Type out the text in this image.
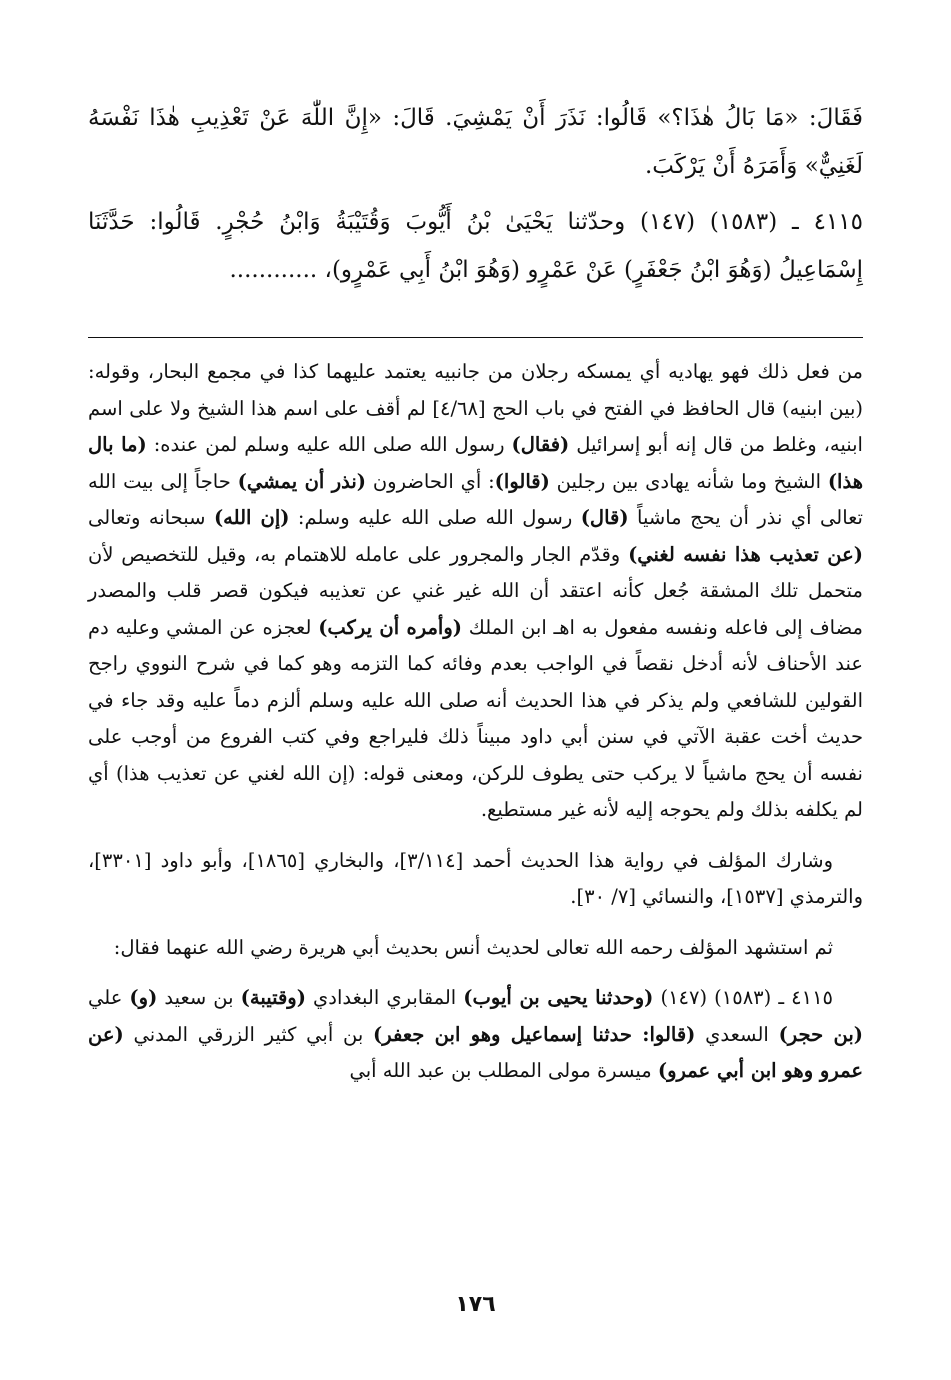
فَقَالَ: «مَا بَالُ هٰذَا؟» قَالُوا: نَذَرَ أَنْ يَمْشِيَ. قَالَ: «إِنَّ اللّٰهَ عَنْ تَعْذِيبِ هٰذَا نَفْسَهُ لَغَنِيٌّ» وَأَمَرَهُ أَنْ يَرْكَبَ.

٤١١٥ ـ (١٥٨٣) (١٤٧) وحدّثنا يَحْيَىٰ بْنُ أَيُّوبَ وَقُتَيْبَةُ وَابْنُ حُجْرٍ. قَالُوا: حَدَّثَنَا إِسْمَاعِيلُ (وَهُوَ ابْنُ جَعْفَرٍ) عَنْ عَمْرٍو (وَهُوَ ابْنُ أَبِي عَمْرٍو)، ............

من فعل ذلك فهو يهاديه أي يمسكه رجلان من جانبيه يعتمد عليهما كذا في مجمع البحار، وقوله: (بين ابنيه) قال الحافظ في الفتح في باب الحج [٤/٦٨] لم أقف على اسم هذا الشيخ ولا على اسم ابنيه، وغلط من قال إنه أبو إسرائيل (فقال) رسول الله صلى الله عليه وسلم لمن عنده: (ما بال هذا) الشيخ وما شأنه يهادى بين رجلين (قالوا): أي الحاضرون (نذر أن يمشي) حاجاً إلى بيت الله تعالى أي نذر أن يحج ماشياً (قال) رسول الله صلى الله عليه وسلم: (إن الله) سبحانه وتعالى (عن تعذيب هذا نفسه لغني) وقدّم الجار والمجرور على عامله للاهتمام به، وقيل للتخصيص لأن متحمل تلك المشقة جُعل كأنه اعتقد أن الله غير غني عن تعذيبه فيكون قصر قلب والمصدر مضاف إلى فاعله ونفسه مفعول به اهـ ابن الملك (وأمره أن يركب) لعجزه عن المشي وعليه دم عند الأحناف لأنه أدخل نقصاً في الواجب بعدم وفائه كما التزمه وهو كما في شرح النووي راجح القولين للشافعي ولم يذكر في هذا الحديث أنه صلى الله عليه وسلم ألزم دماً عليه وقد جاء في حديث أخت عقبة الآتي في سنن أبي داود مبيناً ذلك فليراجع وفي كتب الفروع من أوجب على نفسه أن يحج ماشياً لا يركب حتى يطوف للركن، ومعنى قوله: (إن الله لغني عن تعذيب هذا) أي لم يكلفه بذلك ولم يحوجه إليه لأنه غير مستطيع.

وشارك المؤلف في رواية هذا الحديث أحمد [٣/١١٤]، والبخاري [١٨٦٥]، وأبو داود [٣٣٠١]، والترمذي [١٥٣٧]، والنسائي [٧/ ٣٠].

ثم استشهد المؤلف رحمه الله تعالى لحديث أنس بحديث أبي هريرة رضي الله عنهما فقال:

٤١١٥ ـ (١٥٨٣) (١٤٧) (وحدثنا يحيى بن أيوب) المقابري البغدادي (وقتيبة) بن سعيد (و) علي (بن حجر) السعدي (قالوا: حدثنا إسماعيل وهو ابن جعفر) بن أبي كثير الزرقي المدني (عن عمرو وهو ابن أبي عمرو) ميسرة مولى المطلب بن عبد الله أبي

١٧٦
